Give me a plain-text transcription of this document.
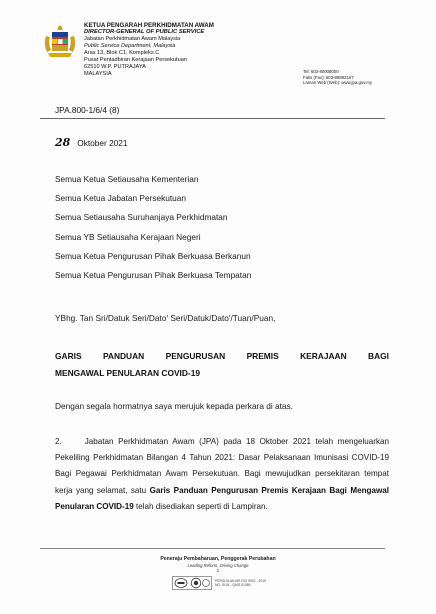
KETUA PENGARAH PERKHIDMATAN AWAM
DIRECTOR-GENERAL OF PUBLIC SERVICE
Jabatan Perkhidmatan Awam Malaysia
Public Service Department, Malaysia
Aras 13, Blok C1, Kompleks C
Pusat Pentadbiran Kerajaan Persekutuan
62510 W.P. PUTRAJAYA
MALAYSIA	Tel: 603-80008000
Faks (Fax): 603-88892167
Laman Web (Web): www.jpa.gov.my
JPA.800-1/6/4 (8)
28 Oktober 2021
Semua Ketua Setiausaha Kementerian
Semua Ketua Jabatan Persekutuan
Semua Setiausaha Suruhanjaya Perkhidmatan
Semua YB Setiausaha Kerajaan Negeri
Semua Ketua Pengurusan Pihak Berkuasa Berkanun
Semua Ketua Pengurusan Pihak Berkuasa Tempatan
YBhg. Tan Sri/Datuk Seri/Dato' Seri/Datuk/Dato'/Tuan/Puan,
GARIS PANDUAN PENGURUSAN PREMIS KERAJAAN BAGI
MENGAWAL PENULARAN COVID-19
Dengan segala hormatnya saya merujuk kepada perkara di atas.
2.	Jabatan Perkhidmatan Awam (JPA) pada 18 Oktober 2021 telah mengeluarkan Pekeliling Perkhidmatan Bilangan 4 Tahun 2021: Dasar Pelaksanaan Imunisasi COVID-19 Bagi Pegawai Perkhidmatan Awam Persekutuan. Bagi mewujudkan persekitaran tempat kerja yang selamat, satu Garis Panduan Pengurusan Premis Kerajaan Bagi Mengawal Penularan COVID-19 telah disediakan seperti di Lampiran.
Peneraju Pembaharuan, Penggerak Perubahan
Leading Reform, Driving Change
1
PERSIJILAN MS ISO 9001 : 2015
NO. SIJIL : QMS 01384
